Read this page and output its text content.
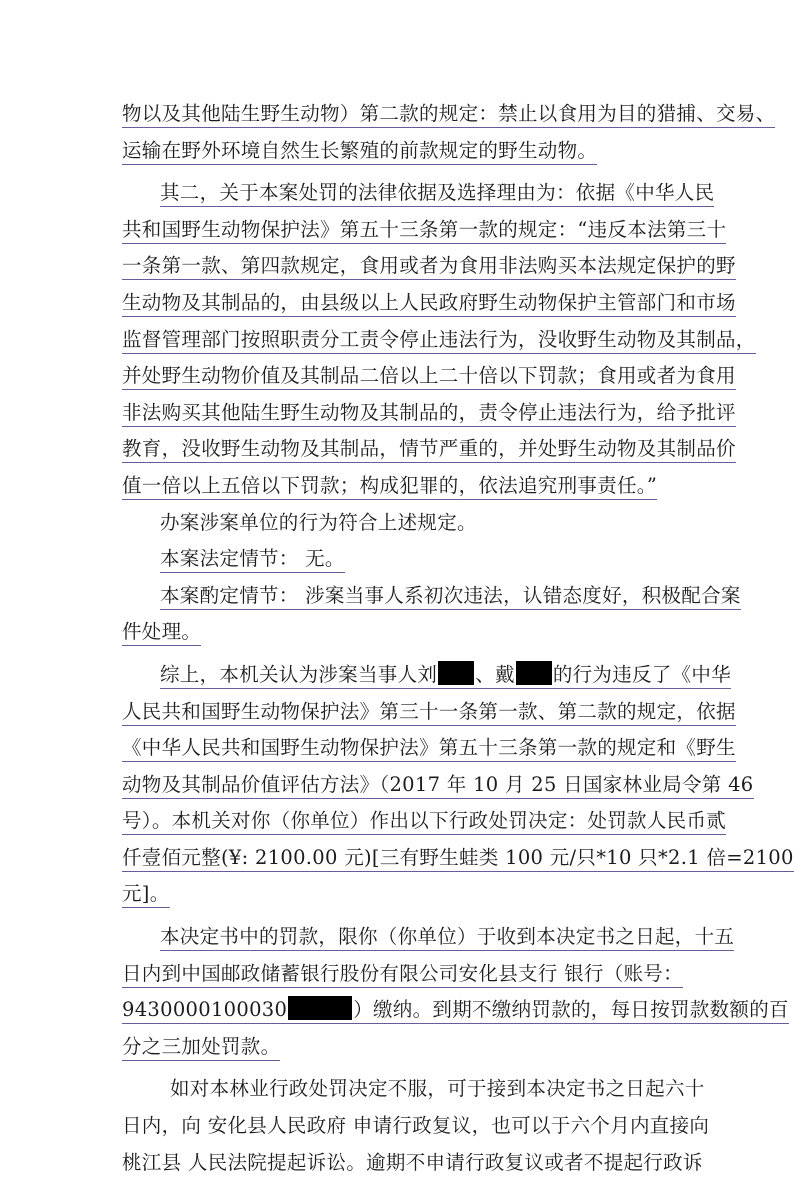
物以及其他陆生野生动物）第二款的规定：禁止以食用为目的猎捕、交易、
运输在野外环境自然生长繁殖的前款规定的野生动物。
其二，关于本案处罚的法律依据及选择理由为：依据《中华人民
共和国野生动物保护法》第五十三条第一款的规定：“违反本法第三十
一条第一款、第四款规定，食用或者为食用非法购买本法规定保护的野
生动物及其制品的，由县级以上人民政府野生动物保护主管部门和市场
监督管理部门按照职责分工责令停止违法行为，没收野生动物及其制品，
并处野生动物价值及其制品二倍以上二十倍以下罚款；食用或者为食用
非法购买其他陆生野生动物及其制品的，责令停止违法行为，给予批评
教育，没收野生动物及其制品，情节严重的，并处野生动物及其制品价
值一倍以上五倍以下罚款；构成犯罪的，依法追究刑事责任。”
办案涉案单位的行为符合上述规定。
本案法定情节： 无。
本案酌定情节： 涉案当事人系初次违法，认错态度好，积极配合案
件处理。
综上，本机关认为涉案当事人刘 、戴 的行为违反了《中华
人民共和国野生动物保护法》第三十一条第一款、第二款的规定，依据
《中华人民共和国野生动物保护法》第五十三条第一款的规定和《野生
动物及其制品价值评估方法》（2017 年 10 月 25 日国家林业局令第 46
号）。本机关对你（你单位）作出以下行政处罚决定：处罚款人民币贰
仟壹佰元整(¥: 2100.00 元)[三有野生蛙类 100 元/只*10 只*2.1 倍=2100
元]。
本决定书中的罚款，限你（你单位）于收到本决定书之日起，十五
日内到中国邮政储蓄银行股份有限公司安化县支行 银行（账号：
9430000100030	）缴纳。到期不缴纳罚款的，每日按罚款数额的百
分之三加处罚款。
如对本林业行政处罚决定不服，可于接到本决定书之日起六十
日内，向 安化县人民政府 申请行政复议，也可以于六个月内直接向
桃江县 人民法院提起诉讼。逾期不申请行政复议或者不提起行政诉
